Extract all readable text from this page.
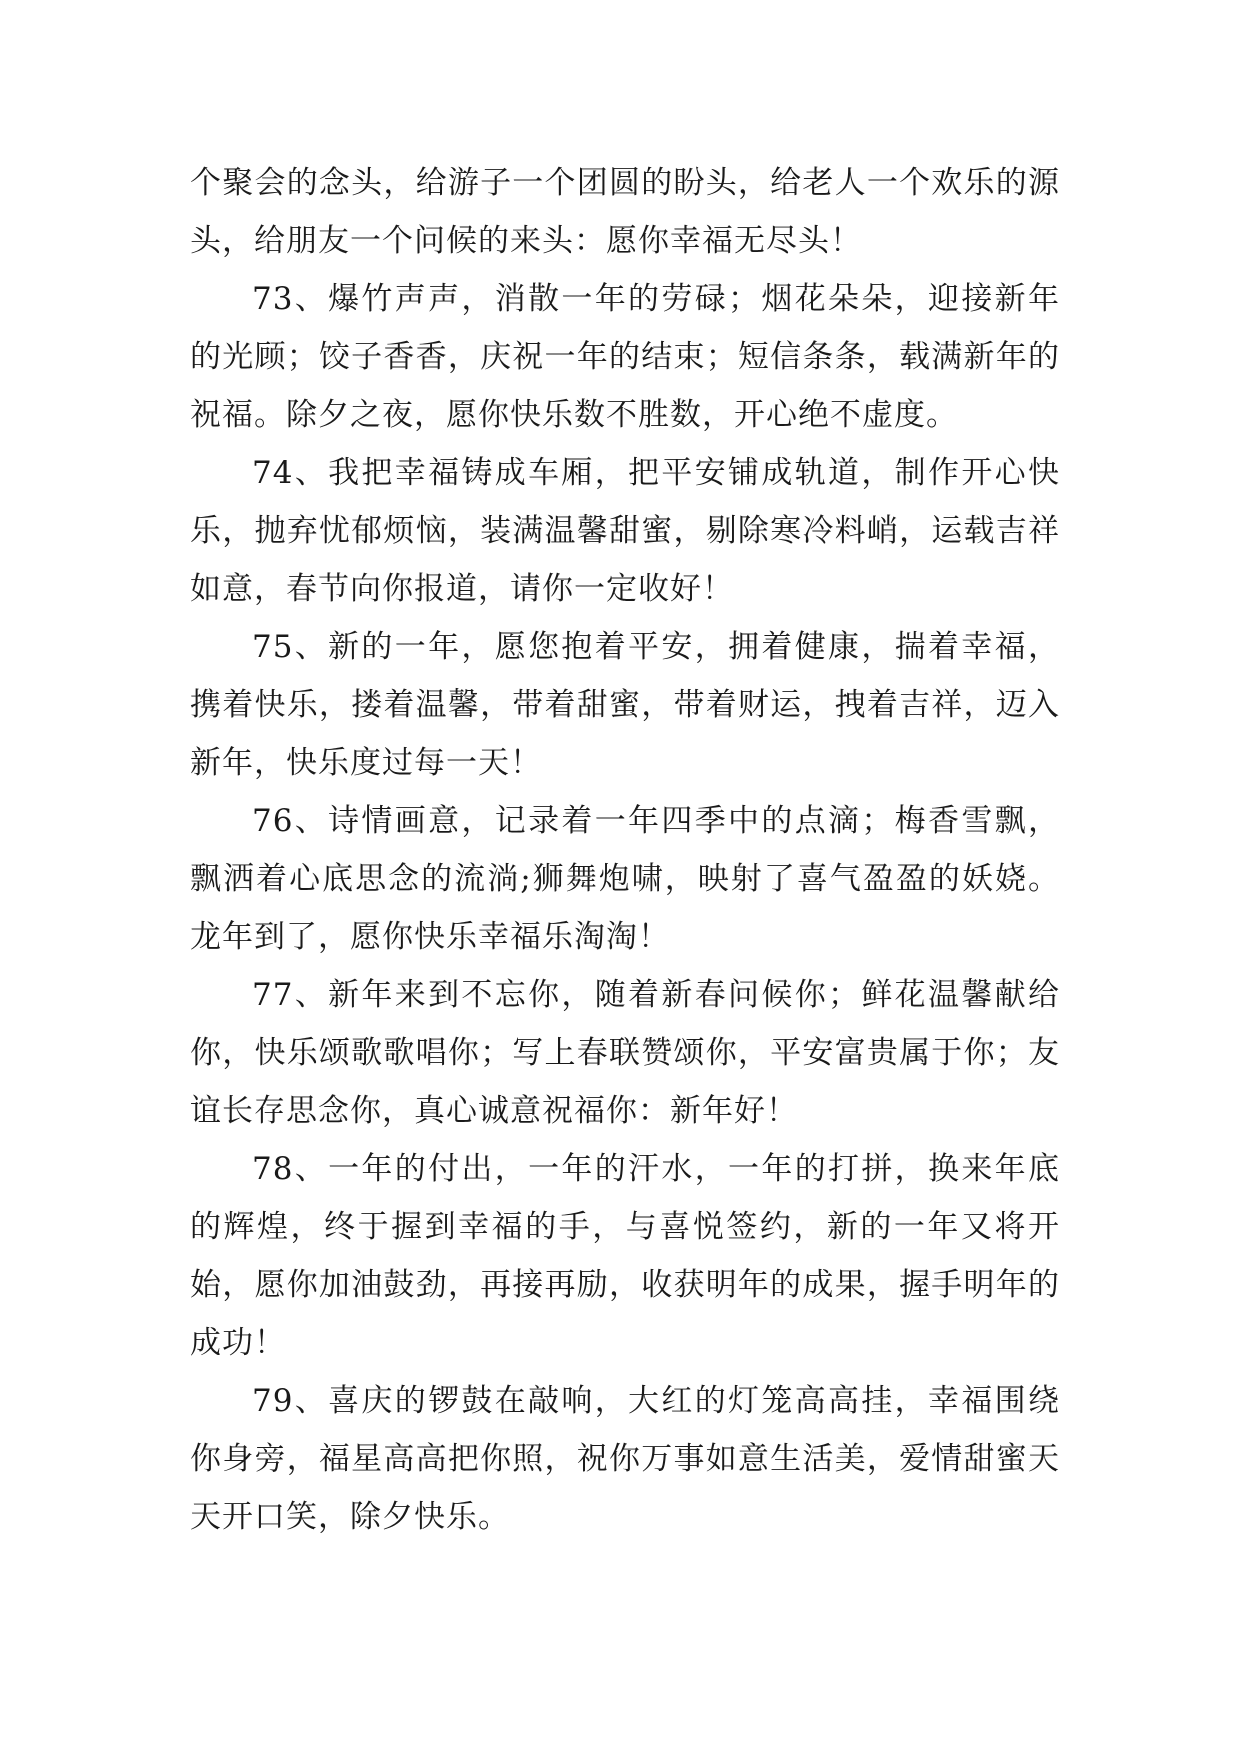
个聚会的念头，给游子一个团圆的盼头，给老人一个欢乐的源头，给朋友一个问候的来头：愿你幸福无尽头！

73、爆竹声声，消散一年的劳碌；烟花朵朵，迎接新年的光顾；饺子香香，庆祝一年的结束；短信条条，载满新年的祝福。除夕之夜，愿你快乐数不胜数，开心绝不虚度。

74、我把幸福铸成车厢，把平安铺成轨道，制作开心快乐，抛弃忧郁烦恼，装满温馨甜蜜，剔除寒冷料峭，运载吉祥如意，春节向你报道，请你一定收好！

75、新的一年，愿您抱着平安，拥着健康，揣着幸福，携着快乐，搂着温馨，带着甜蜜，带着财运，拽着吉祥，迈入新年，快乐度过每一天！

76、诗情画意，记录着一年四季中的点滴；梅香雪飘，飘洒着心底思念的流淌;狮舞炮啸，映射了喜气盈盈的妖娆。龙年到了，愿你快乐幸福乐淘淘！

77、新年来到不忘你，随着新春问候你；鲜花温馨献给你，快乐颂歌歌唱你；写上春联赞颂你，平安富贵属于你；友谊长存思念你，真心诚意祝福你：新年好！

78、一年的付出，一年的汗水，一年的打拼，换来年底的辉煌，终于握到幸福的手，与喜悦签约，新的一年又将开始，愿你加油鼓劲，再接再励，收获明年的成果，握手明年的成功！

79、喜庆的锣鼓在敲响，大红的灯笼高高挂，幸福围绕你身旁，福星高高把你照，祝你万事如意生活美，爱情甜蜜天天开口笑，除夕快乐。
